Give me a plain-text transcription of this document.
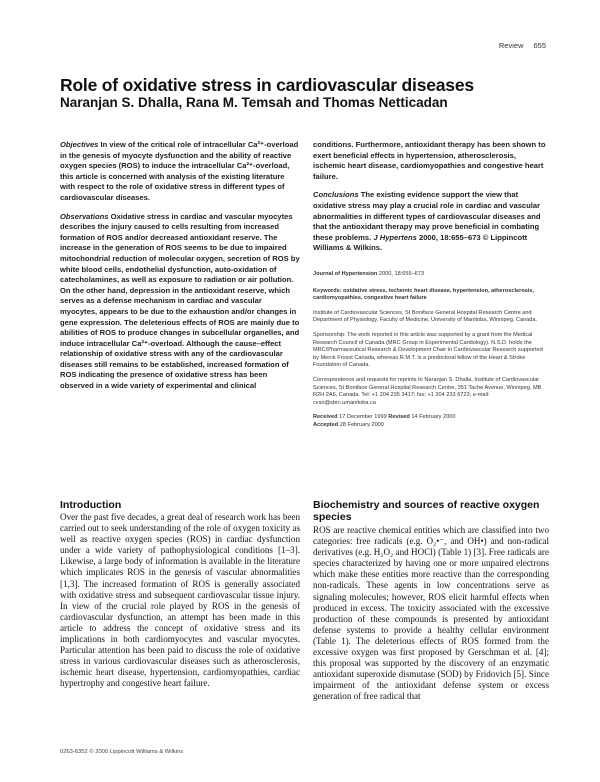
Review 655
Role of oxidative stress in cardiovascular diseases
Naranjan S. Dhalla, Rana M. Temsah and Thomas Netticadan

Objectives In view of the critical role of intracellular Ca²⁺-overload in the genesis of myocyte dysfunction and the ability of reactive oxygen species (ROS) to induce the intracellular Ca²⁺-overload, this article is concerned with analysis of the existing literature with respect to the role of oxidative stress in different types of cardiovascular diseases.

Observations Oxidative stress in cardiac and vascular myocytes describes the injury caused to cells resulting from increased formation of ROS and/or decreased antioxidant reserve. The increase in the generation of ROS seems to be due to impaired mitochondrial reduction of molecular oxygen, secretion of ROS by white blood cells, endothelial dysfunction, auto-oxidation of catecholamines, as well as exposure to radiation or air pollution. On the other hand, depression in the antioxidant reserve, which serves as a defense mechanism in cardiac and vascular myocytes, appears to be due to the exhaustion and/or changes in gene expression. The deleterious effects of ROS are mainly due to abilities of ROS to produce changes in subcellular organelles, and induce intracellular Ca²⁺-overload. Although the cause–effect relationship of oxidative stress with any of the cardiovascular diseases still remains to be established, increased formation of ROS indicating the presence of oxidative stress has been observed in a wide variety of experimental and clinical

conditions. Furthermore, antioxidant therapy has been shown to exert beneficial effects in hypertension, atherosclerosis, ischemic heart disease, cardiomyopathies and congestive heart failure.

Conclusions The existing evidence support the view that oxidative stress may play a crucial role in cardiac and vascular abnormalities in different types of cardiovascular diseases and that the antioxidant therapy may prove beneficial in combating these problems. J Hypertens 2000, 18:655–673 © Lippincott Williams & Wilkins.

Journal of Hypertension 2000, 18:655–673

Keywords: oxidative stress, ischemic heart disease, hypertension, atherosclerosis, cardiomyopathies, congestive heart failure

Institute of Cardiovascular Sciences, St Boniface General Hospital Research Centre and Department of Physiology, Faculty of Medicine, University of Manitoba, Winnipeg, Canada.

Sponsorship: The work reported in this article was supported by a grant from the Medical Research Council of Canada (MRC Group in Experimental Cardiology). N.S.D. holds the MRC/Pharmaceutical Research & Development Chair in Cardiovascular Research supported by Merck Frosst Canada, whereas R.M.T. is a predoctoral fellow of the Heart & Stroke Foundation of Canada.

Correspondence and requests for reprints to Naranjan S. Dhalla, Institute of Cardiovascular Sciences, St Boniface General Hospital Research Centre, 351 Tache Avenue, Winnipeg, MB R2H 2A6, Canada. Tel: +1 204 235 3417; fax: +1 204 233 6723; e-mail: cvso@sbrc.umanitoba.ca

Received 17 December 1999 Revised 14 February 2000

Accepted 28 February 2000

Introduction

Over the past five decades, a great deal of research work has been carried out to seek understanding of the role of oxygen toxicity as well as reactive oxygen species (ROS) in cardiac dysfunction under a wide variety of pathophysiological conditions [1–3]. Likewise, a large body of information is available in the literature which implicates ROS in the genesis of vascular abnormalities [1,3]. The increased formation of ROS is generally associated with oxidative stress and subsequent cardiovascular tissue injury. In view of the crucial role played by ROS in the genesis of cardiovascular dysfunction, an attempt has been made in this article to address the concept of oxidative stress and its implications in both cardiomyocytes and vascular myocytes. Particular attention has been paid to discuss the role of oxidative stress in various cardiovascular diseases such as atherosclerosis, ischemic heart disease, hypertension, cardiomyopathies, cardiac hypertrophy and congestive heart failure.

Biochemistry and sources of reactive oxygen species

ROS are reactive chemical entities which are classified into two categories: free radicals (e.g. O₂•⁻, and OH•) and non-radical derivatives (e.g. H₂O₂ and HOCl) (Table 1) [3]. Free radicals are species characterized by having one or more unpaired electrons which make these entities more reactive than the corresponding non-radicals. These agents in low concentrations serve as signaling molecules; however, ROS elicit harmful effects when produced in excess. The toxicity associated with the excessive production of these compounds is presented by antioxidant defense systems to provide a healthy cellular environment (Table 1). The deleterious effects of ROS formed from the excessive oxygen was first proposed by Gerschman et al. [4]; this proposal was supported by the discovery of an enzymatic antioxidant superoxide dismutase (SOD) by Fridovich [5]. Since impairment of the antioxidant defense system or excess generation of free radical that

0263-6352 © 2000 Lippincott Williams & Wilkins
